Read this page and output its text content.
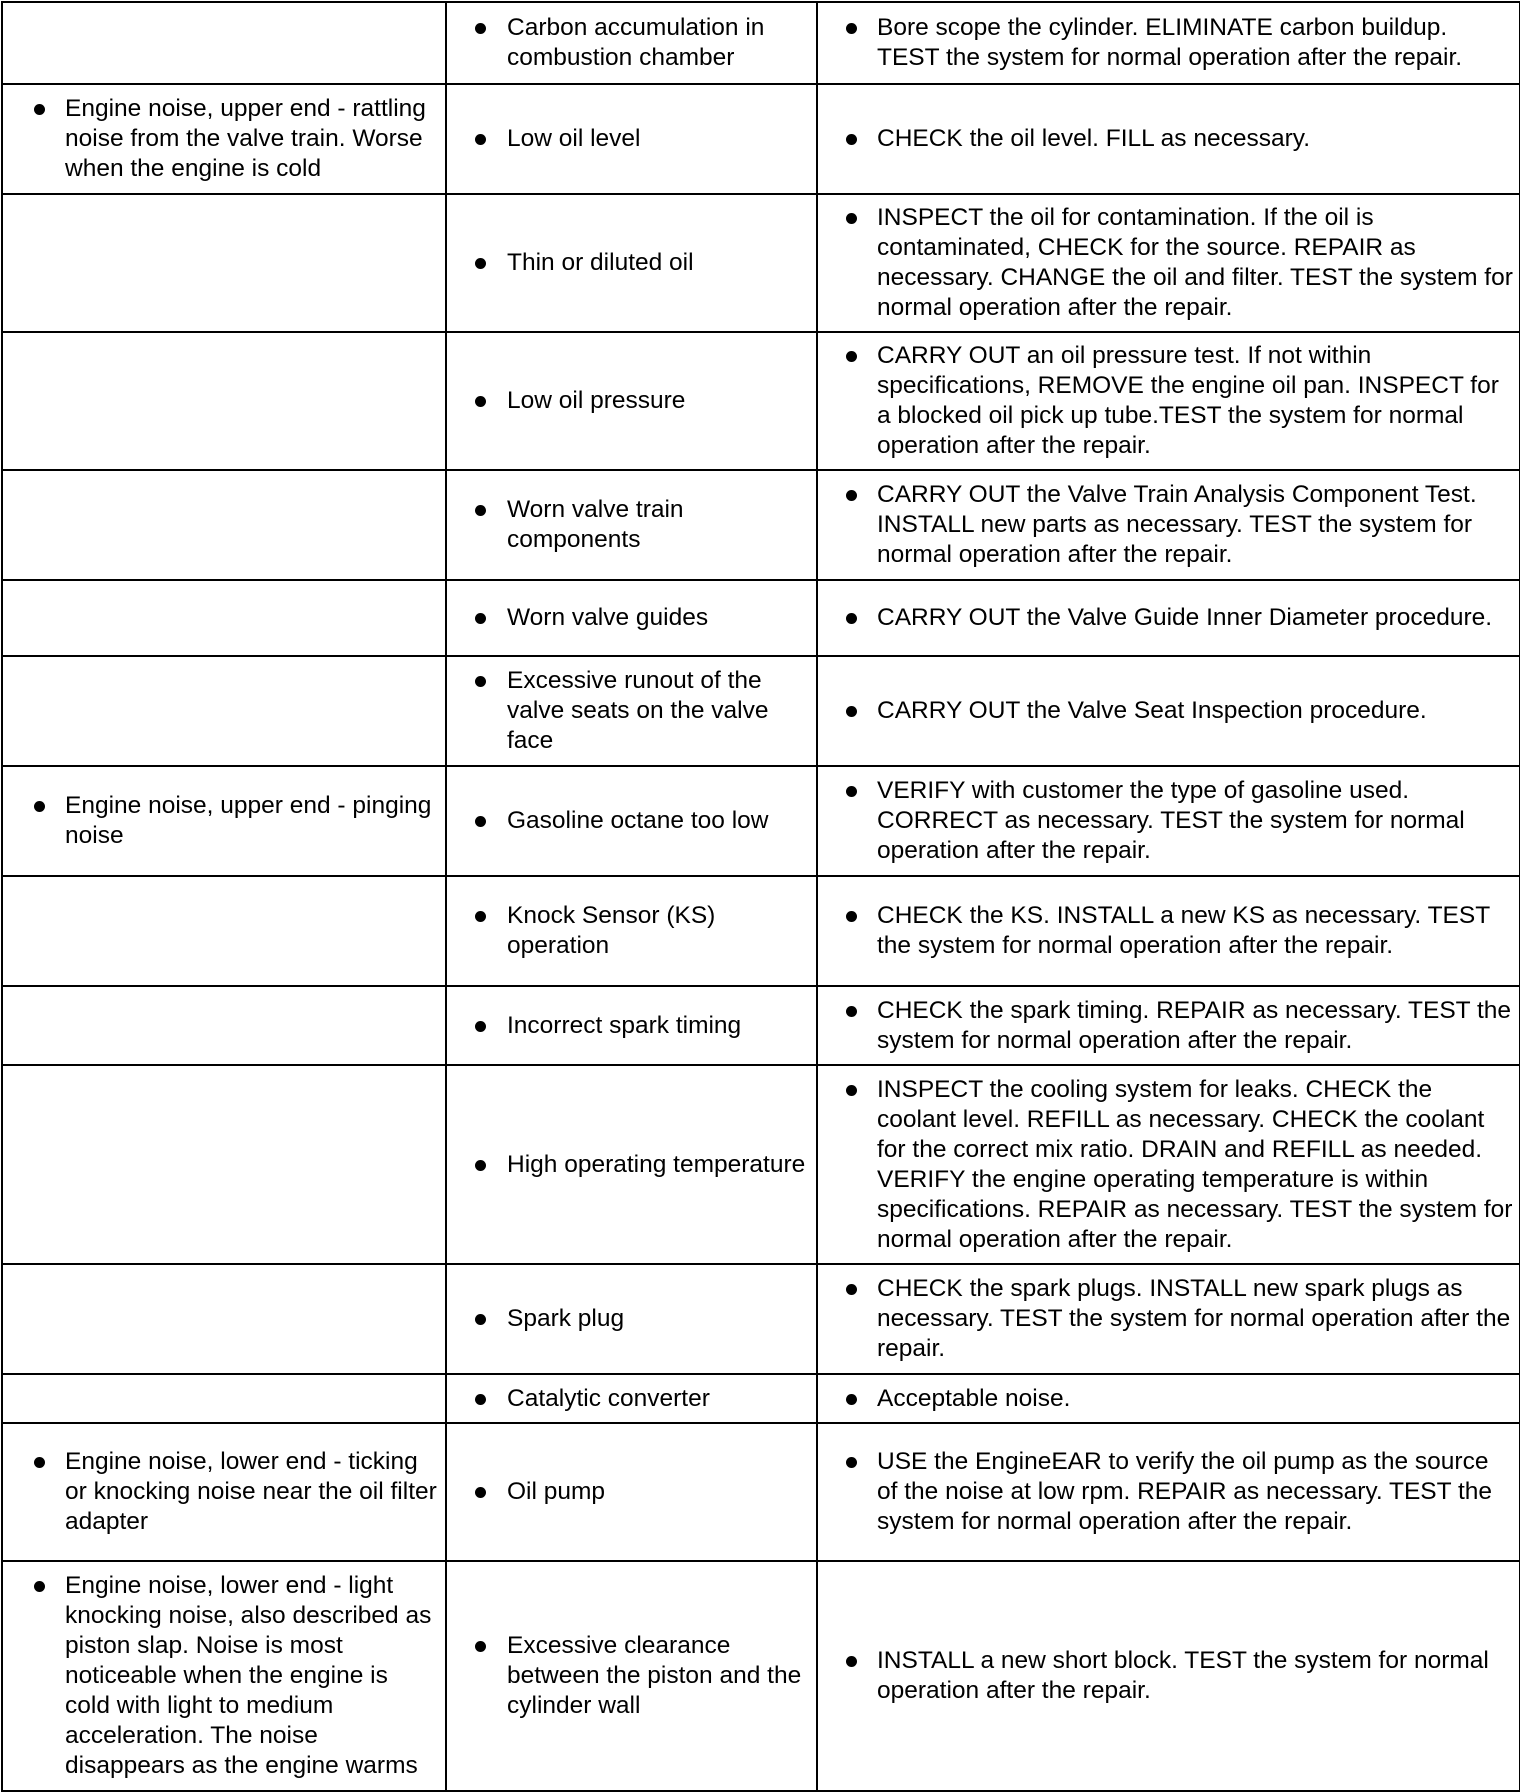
	Carbon accumulation in combustion chamber	Bore scope the cylinder. ELIMINATE carbon buildup. TEST the system for normal operation after the repair.

Engine noise, upper end - rattling noise from the valve train. Worse when the engine is cold	Low oil level	CHECK the oil level. FILL as necessary.

	Thin or diluted oil	INSPECT the oil for contamination. If the oil is contaminated, CHECK for the source. REPAIR as necessary. CHANGE the oil and filter. TEST the system for normal operation after the repair.

	Low oil pressure	CARRY OUT an oil pressure test. If not within specifications, REMOVE the engine oil pan. INSPECT for a blocked oil pick up tube.TEST the system for normal operation after the repair.

	Worn valve train components	CARRY OUT the Valve Train Analysis Component Test. INSTALL new parts as necessary. TEST the system for normal operation after the repair.

	Worn valve guides	CARRY OUT the Valve Guide Inner Diameter procedure.

	Excessive runout of the valve seats on the valve face	CARRY OUT the Valve Seat Inspection procedure.

Engine noise, upper end - pinging noise	Gasoline octane too low	VERIFY with customer the type of gasoline used. CORRECT as necessary. TEST the system for normal operation after the repair.

	Knock Sensor (KS) operation	CHECK the KS. INSTALL a new KS as necessary. TEST the system for normal operation after the repair.

	Incorrect spark timing	CHECK the spark timing. REPAIR as necessary. TEST the system for normal operation after the repair.

	High operating temperature	INSPECT the cooling system for leaks. CHECK the coolant level. REFILL as necessary. CHECK the coolant for the correct mix ratio. DRAIN and REFILL as needed. VERIFY the engine operating temperature is within specifications. REPAIR as necessary. TEST the system for normal operation after the repair.

	Spark plug	CHECK the spark plugs. INSTALL new spark plugs as necessary. TEST the system for normal operation after the repair.

	Catalytic converter	Acceptable noise.

Engine noise, lower end - ticking or knocking noise near the oil filter adapter	Oil pump	USE the EngineEAR to verify the oil pump as the source of the noise at low rpm. REPAIR as necessary. TEST the system for normal operation after the repair.

Engine noise, lower end - light knocking noise, also described as piston slap. Noise is most noticeable when the engine is cold with light to medium acceleration. The noise disappears as the engine warms	Excessive clearance between the piston and the cylinder wall	INSTALL a new short block. TEST the system for normal operation after the repair.
